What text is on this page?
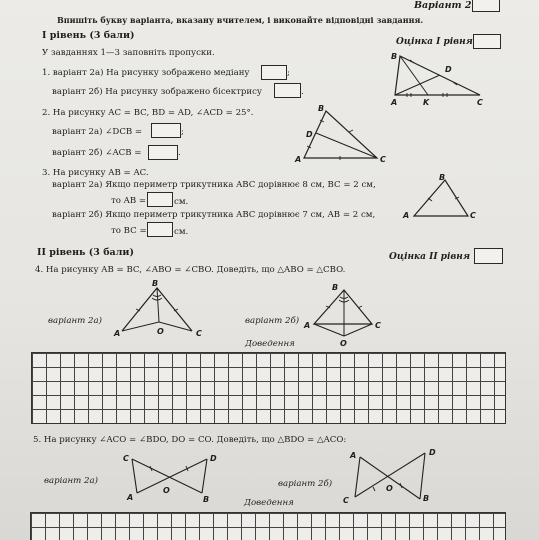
Варіант 2
Впишіть букву варіанта, вказану вчителем, і виконайте відповідні завдання.
І рівень (3 бали)
Оцінка І рівня
У завданнях 1—3 заповніть пропуски.
1. варіант 2а) На рисунку зображено медіану	;
варіант 2б) На рисунку зображено бісектрису	.
B
D
A	K	C
2. На рисунку AC = BC, BD = AD, ∠ACD = 25°.
варіант 2а) ∠DCB =	;
варіант 2б) ∠ACB =	.
B
D
A	C
3. На рисунку AB = AC.
варіант 2а) Якщо периметр трикутника ABC дорівнює 8 см, BC = 2 см,
то AB =	см.
варіант 2б) Якщо периметр трикутника ABC дорівнює 7 см, AB = 2 см,
то BC =	см.
B
A	C
ІІ рівень (3 бали)	Оцінка ІІ рівня
4. На рисунку AB = BC, ∠ABO = ∠CBO. Доведіть, що △ABO = △CBO.
B
A	O	C
варіант 2а)	варіант 2б)
Доведення
B
A	C
O
5. На рисунку ∠ACO = ∠BDO, DO = CO. Доведіть, що △BDO = △ACO:
C	D
O
A	B
варіант 2а)	варіант 2б)
Доведення
A	D
O
C	B
